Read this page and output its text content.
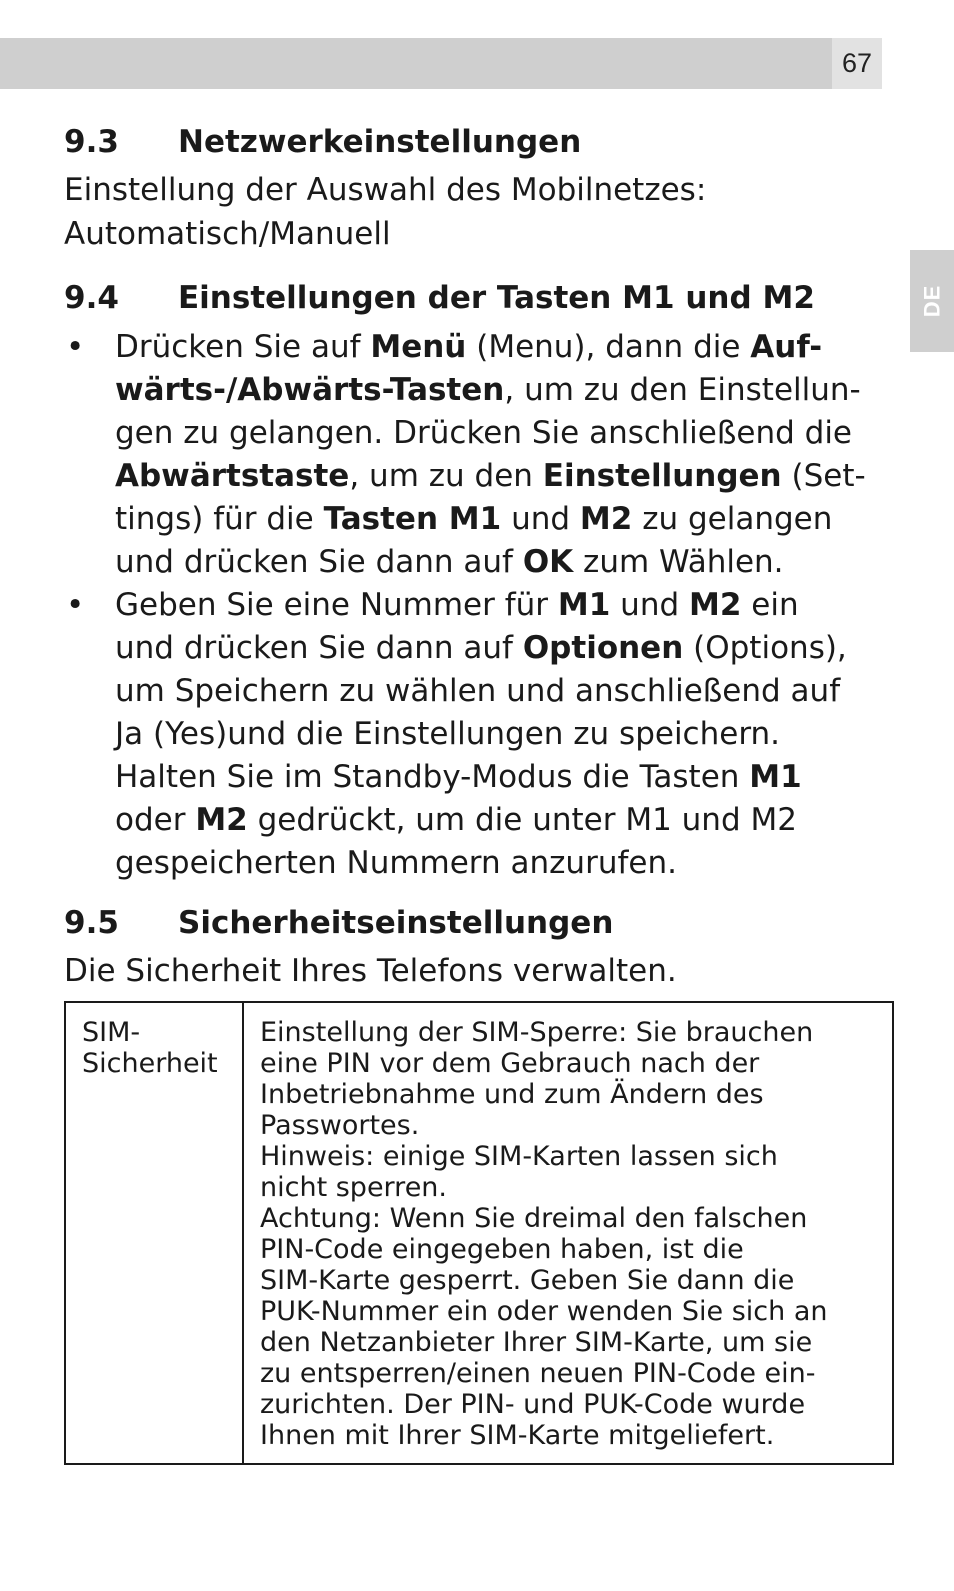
67
DE
9.3	Netzwerkeinstellungen

Einstellung der Auswahl des Mobilnetzes:
Automatisch/Manuell

9.4	Einstellungen der Tasten M1 und M2
• Drücken Sie auf Menü (Menu), dann die Auf-
wärts-/Abwärts-Tasten, um zu den Einstellun-
gen zu gelangen. Drücken Sie anschließend die
Abwärtstaste, um zu den Einstellungen (Set-
tings) für die Tasten M1 und M2 zu gelangen
und drücken Sie dann auf OK zum Wählen.
• Geben Sie eine Nummer für M1 und M2 ein
und drücken Sie dann auf Optionen (Options),
um Speichern zu wählen und anschließend auf
Ja (Yes)und die Einstellungen zu speichern.
Halten Sie im Standby-Modus die Tasten M1
oder M2 gedrückt, um die unter M1 und M2
gespeicherten Nummern anzurufen.
9.5	Sicherheitseinstellungen

Die Sicherheit Ihres Telefons verwalten.

SIM-
Sicherheit

Einstellung der SIM-Sperre: Sie brauchen
eine PIN vor dem Gebrauch nach der
Inbetriebnahme und zum Ändern des
Passwortes.
Hinweis: einige SIM-Karten lassen sich
nicht sperren.
Achtung: Wenn Sie dreimal den falschen
PIN-Code eingegeben haben, ist die
SIM-Karte gesperrt. Geben Sie dann die
PUK-Nummer ein oder wenden Sie sich an
den Netzanbieter Ihrer SIM-Karte, um sie
zu entsperren/einen neuen PIN-Code ein-
zurichten. Der PIN- und PUK-Code wurde
Ihnen mit Ihrer SIM-Karte mitgeliefert.
